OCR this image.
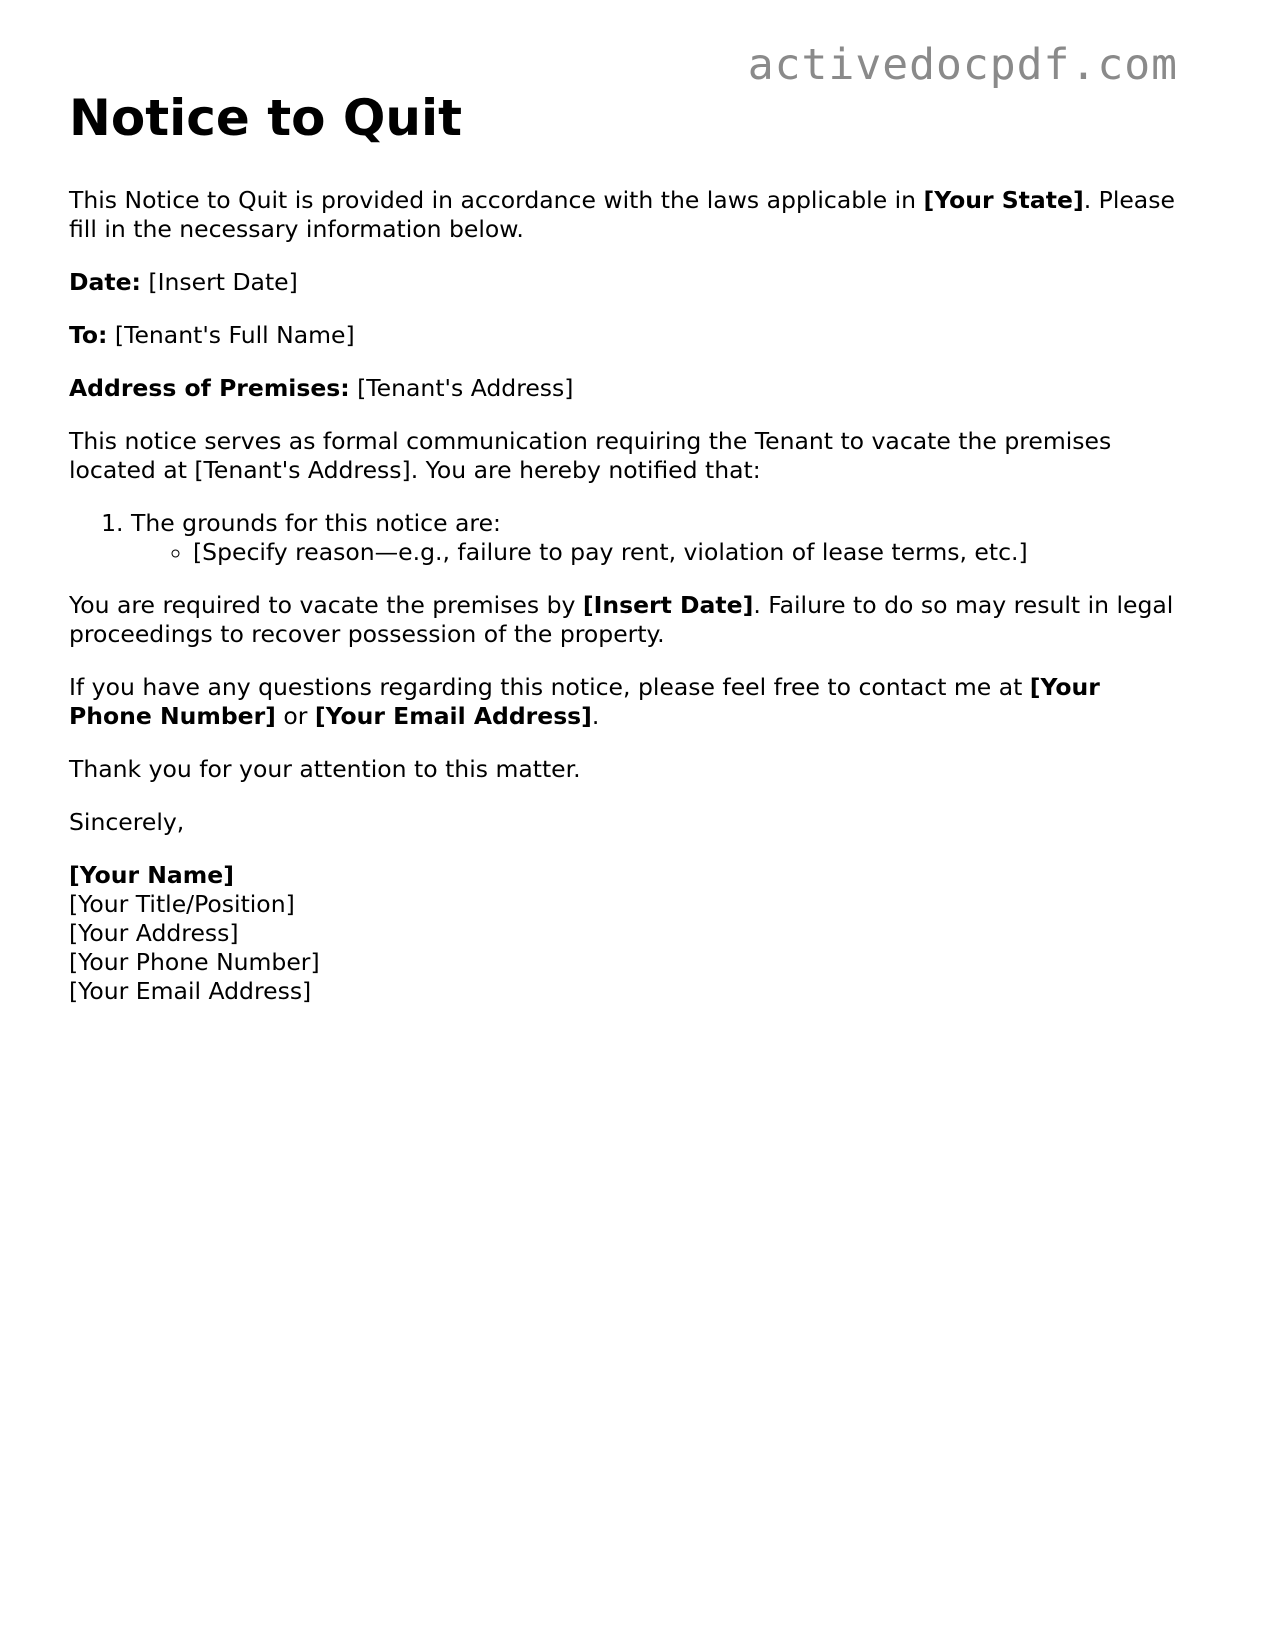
activedocpdf.com
Notice to Quit

This Notice to Quit is provided in accordance with the laws applicable in [Your State]. Please fill in the necessary information below.

Date: [Insert Date]

To: [Tenant's Full Name]

Address of Premises: [Tenant's Address]

This notice serves as formal communication requiring the Tenant to vacate the premises located at [Tenant's Address]. You are hereby notified that:

1. The grounds for this notice are:
◦ [Specify reason—e.g., failure to pay rent, violation of lease terms, etc.]

You are required to vacate the premises by [Insert Date]. Failure to do so may result in legal proceedings to recover possession of the property.

If you have any questions regarding this notice, please feel free to contact me at [Your Phone Number] or [Your Email Address].

Thank you for your attention to this matter.

Sincerely,

[Your Name]
[Your Title/Position]
[Your Address]
[Your Phone Number]
[Your Email Address]
